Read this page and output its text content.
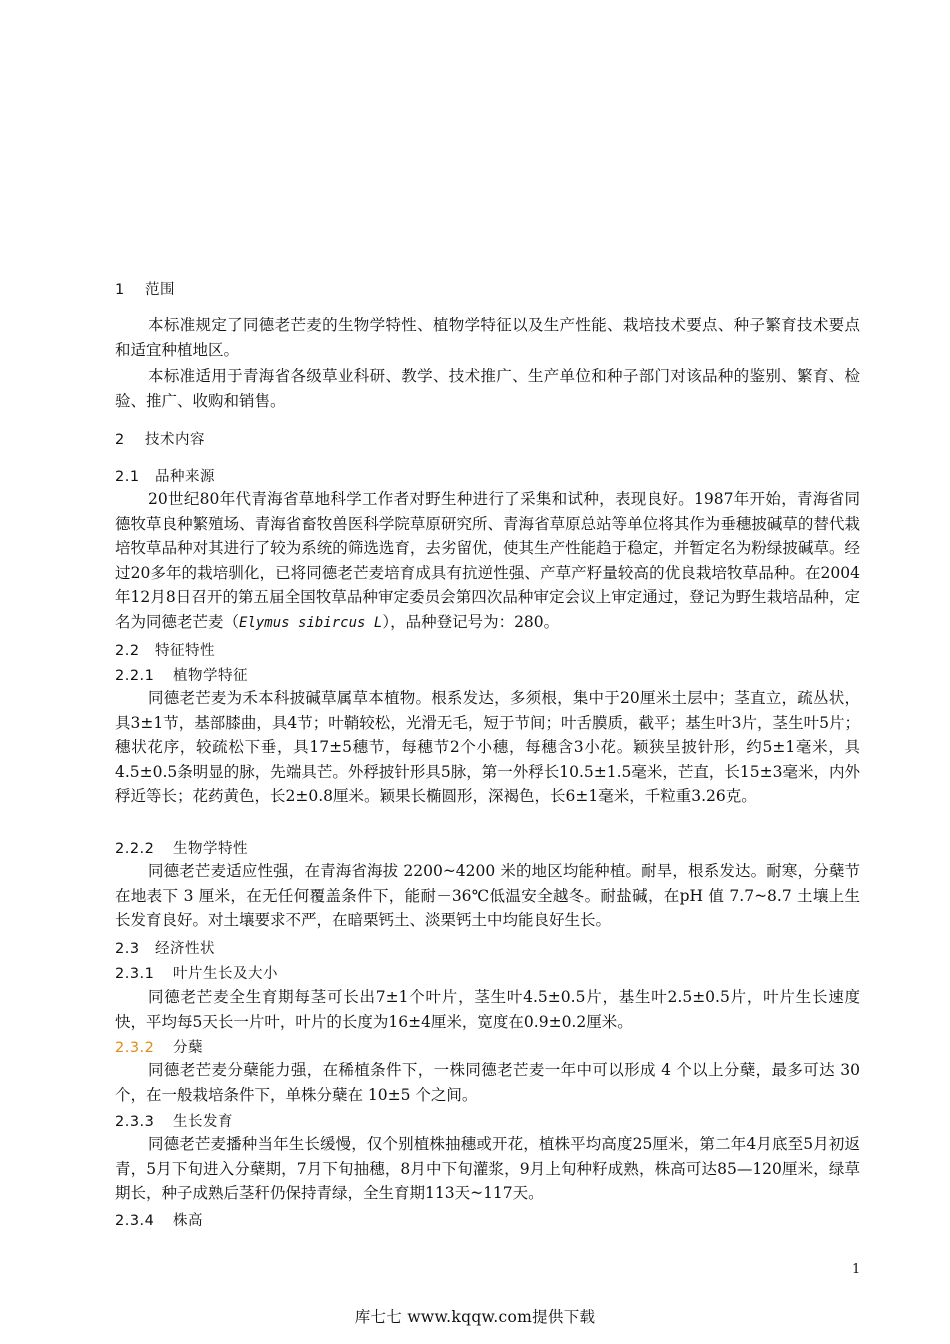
1 范围

本标准规定了同德老芒麦的生物学特性、植物学特征以及生产性能、栽培技术要点、种子繁育技术要点和适宜种植地区。

本标准适用于青海省各级草业科研、教学、技术推广、生产单位和种子部门对该品种的鉴别、繁育、检验、推广、收购和销售。

2 技术内容
2.1 品种来源

20世纪80年代青海省草地科学工作者对野生种进行了采集和试种，表现良好。1987年开始，青海省同德牧草良种繁殖场、青海省畜牧兽医科学院草原研究所、青海省草原总站等单位将其作为垂穗披碱草的替代栽培牧草品种对其进行了较为系统的筛选选育，去劣留优，使其生产性能趋于稳定，并暂定名为粉绿披碱草。经过20多年的栽培驯化，已将同德老芒麦培育成具有抗逆性强、产草产籽量较高的优良栽培牧草品种。在2004年12月8日召开的第五届全国牧草品种审定委员会第四次品种审定会议上审定通过，登记为野生栽培品种，定名为同德老芒麦（Elymus sibircus L），品种登记号为：280。

2.2 特征特性
2.2.1 植物学特征

同德老芒麦为禾本科披碱草属草本植物。根系发达，多须根，集中于20厘米土层中；茎直立，疏丛状，具3±1节，基部膝曲，具4节；叶鞘较松，光滑无毛，短于节间；叶舌膜质，截平；基生叶3片，茎生叶5片；穗状花序，较疏松下垂，具17±5穗节，每穗节2个小穗，每穗含3小花。颖狭呈披针形，约5±1毫米，具4.5±0.5条明显的脉，先端具芒。外稃披针形具5脉，第一外稃长10.5±1.5毫米，芒直，长15±3毫米，内外稃近等长；花药黄色，长2±0.8厘米。颖果长椭圆形，深褐色，长6±1毫米，千粒重3.26克。

2.2.2 生物学特性

同德老芒麦适应性强，在青海省海拔 2200~4200 米的地区均能种植。耐旱，根系发达。耐寒，分蘖节在地表下 3 厘米，在无任何覆盖条件下，能耐－36℃低温安全越冬。耐盐碱，在pH 值 7.7~8.7 土壤上生长发育良好。对土壤要求不严，在暗栗钙土、淡栗钙土中均能良好生长。

2.3 经济性状
2.3.1 叶片生长及大小

同德老芒麦全生育期每茎可长出7±1个叶片，茎生叶4.5±0.5片，基生叶2.5±0.5片，叶片生长速度快，平均每5天长一片叶，叶片的长度为16±4厘米，宽度在0.9±0.2厘米。

2.3.2 分蘖

同德老芒麦分蘖能力强，在稀植条件下，一株同德老芒麦一年中可以形成 4 个以上分蘖，最多可达 30 个，在一般栽培条件下，单株分蘖在 10±5 个之间。

2.3.3 生长发育

同德老芒麦播种当年生长缓慢，仅个别植株抽穗或开花，植株平均高度25厘米，第二年4月底至5月初返青，5月下旬进入分蘖期，7月下旬抽穗，8月中下旬灌浆，9月上旬种籽成熟，株高可达85—120厘米，绿草期长，种子成熟后茎秆仍保持青绿，全生育期113天~117天。

2.3.4 株高
1
库七七 www.kqqw.com提供下载
